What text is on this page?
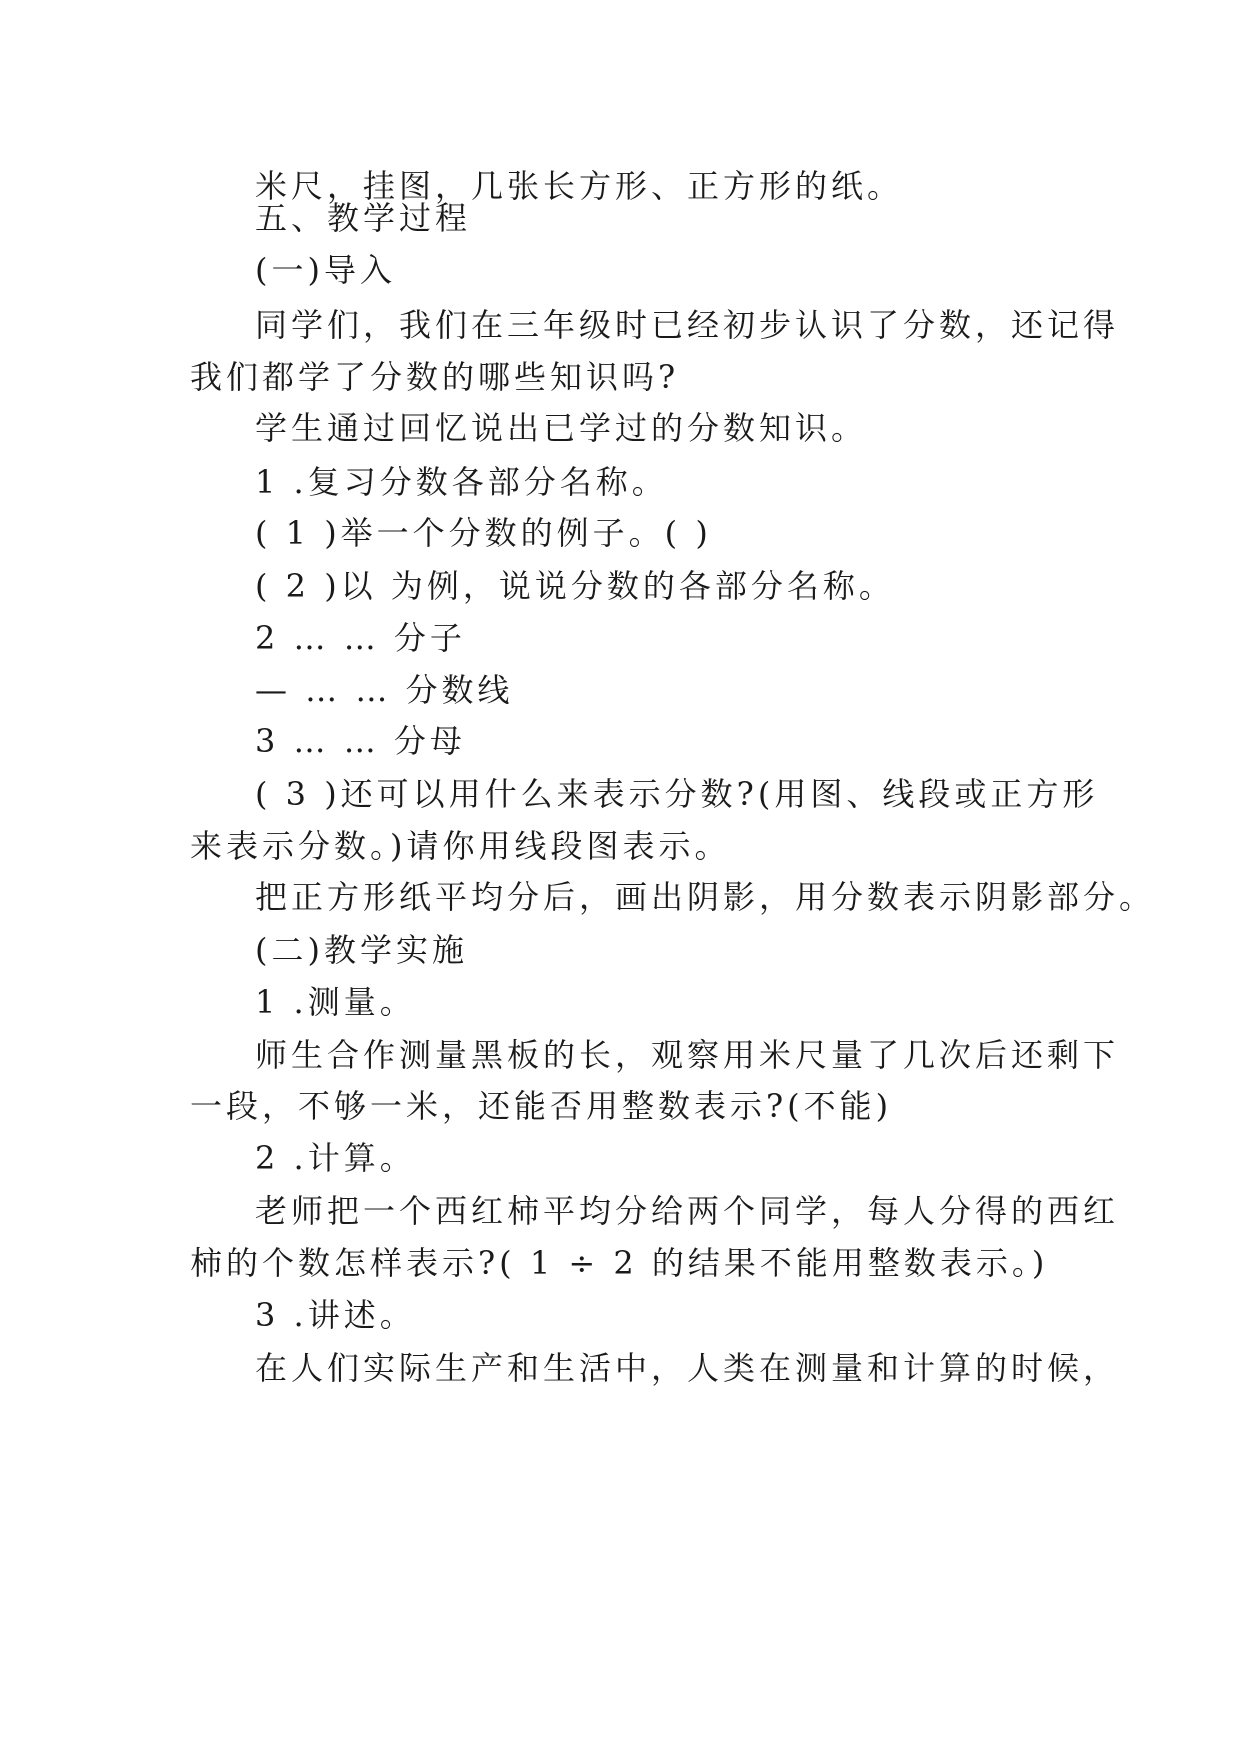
米尺，挂图，几张长方形、正方形的纸。
五、教学过程
(一)导入
同学们，我们在三年级时已经初步认识了分数，还记得
我们都学了分数的哪些知识吗?
学生通过回忆说出已学过的分数知识。
1 .复习分数各部分名称。
( 1 )举一个分数的例子。( )
( 2 )以 为例，说说分数的各部分名称。
2 … … 分子
— … … 分数线
3 … … 分母
( 3 )还可以用什么来表示分数?(用图、线段或正方形
来表示分数。)请你用线段图表示。
把正方形纸平均分后，画出阴影，用分数表示阴影部分。
(二)教学实施
1 .测量。
师生合作测量黑板的长，观察用米尺量了几次后还剩下
一段，不够一米，还能否用整数表示?(不能)
2 .计算。
老师把一个西红柿平均分给两个同学，每人分得的西红
柿的个数怎样表示?( 1 ÷ 2 的结果不能用整数表示。)
3 .讲述。
在人们实际生产和生活中，人类在测量和计算的时候，
